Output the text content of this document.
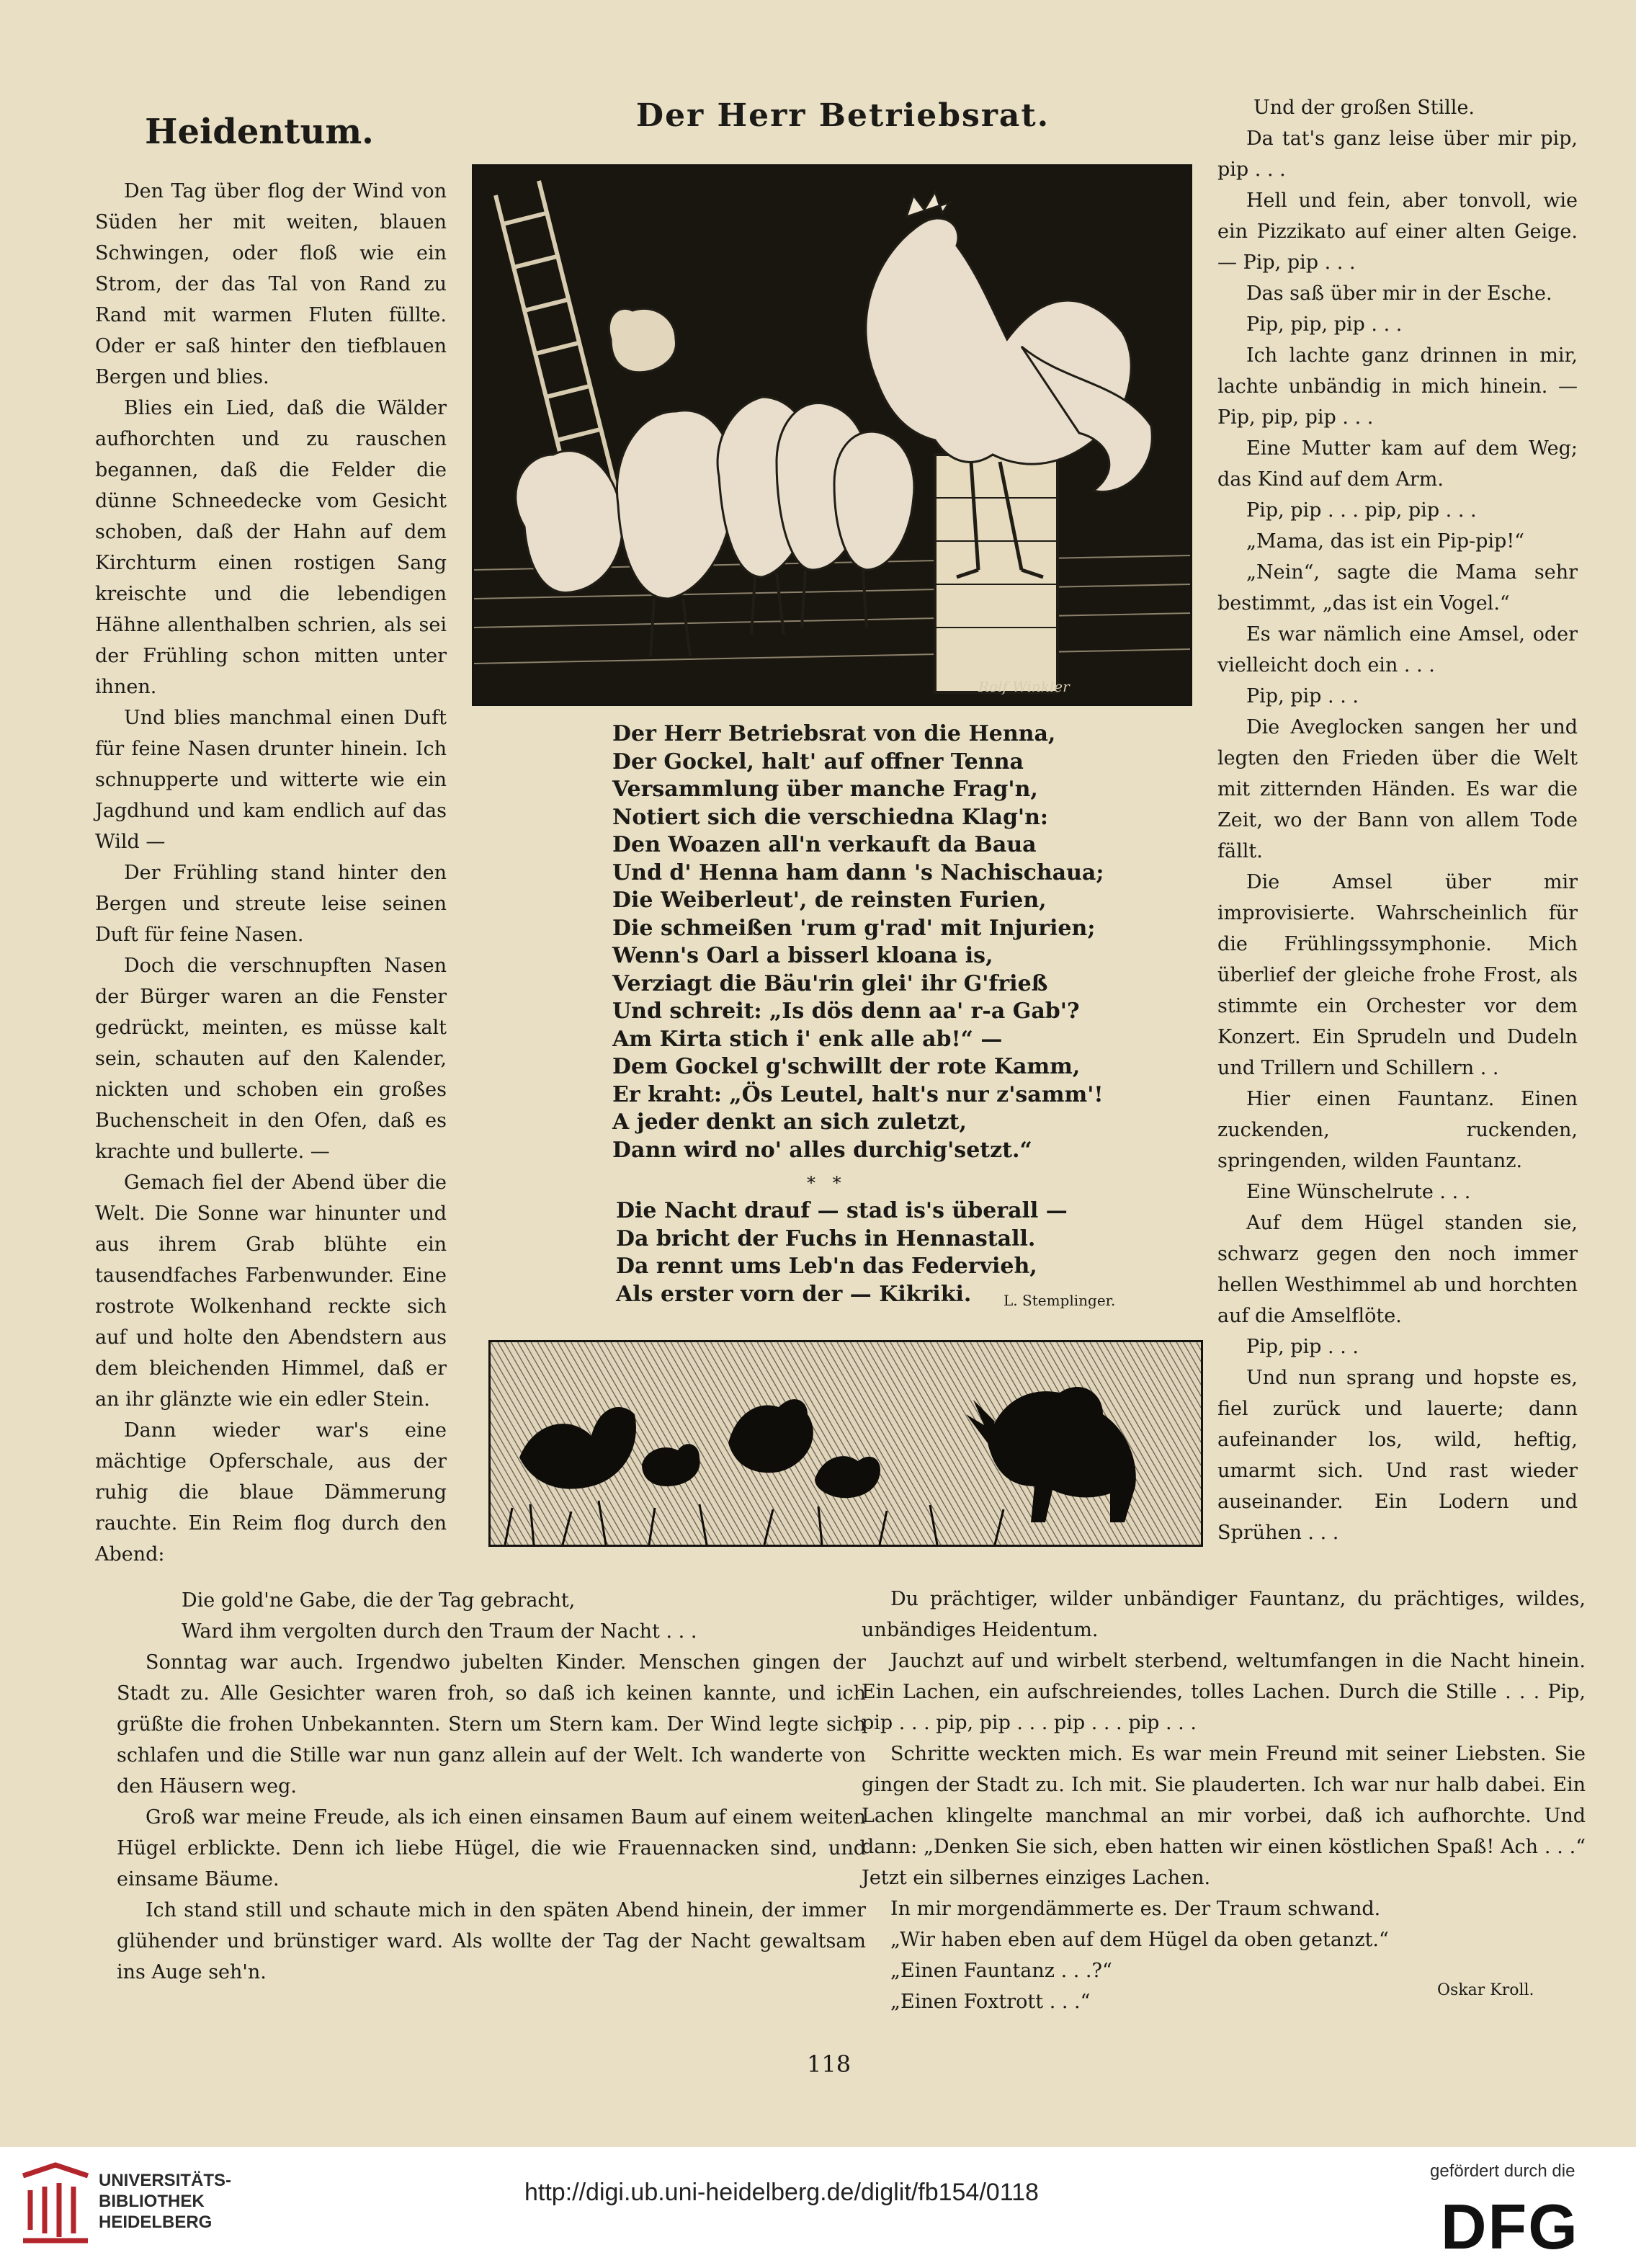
Heidentum.	Der Herr Betriebsrat.

Den Tag über flog der Wind von Süden her mit weiten, blauen Schwingen, oder floß wie ein Strom, der das Tal von Rand zu Rand mit warmen Fluten füllte. Oder er saß hinter den tiefblauen Bergen und blies.

Blies ein Lied, daß die Wälder aufhorchten und zu rauschen begannen, daß die Felder die dünne Schneedecke vom Gesicht schoben, daß der Hahn auf dem Kirchturm einen rostigen Sang kreischte und die lebendigen Hähne allenthalben schrien, als sei der Frühling schon mitten unter ihnen.

Und blies manchmal einen Duft für feine Nasen drunter hinein. Ich schnupperte und witterte wie ein Jagdhund und kam endlich auf das Wild —

Der Frühling stand hinter den Bergen und streute leise seinen Duft für feine Nasen.

Doch die verschnupften Nasen der Bürger waren an die Fenster gedrückt, meinten, es müsse kalt sein, schauten auf den Kalender, nickten und schoben ein großes Buchenscheit in den Ofen, daß es krachte und bullerte. —

Gemach fiel der Abend über die Welt. Die Sonne war hinunter und aus ihrem Grab blühte ein tausendfaches Farbenwunder. Eine rostrote Wolkenhand reckte sich auf und holte den Abendstern aus dem bleichenden Himmel, daß er an ihr glänzte wie ein edler Stein.

Dann wieder war's eine mächtige Opferschale, aus der ruhig die blaue Dämmerung rauchte. Ein Reim flog durch den Abend:

Rolf Winkler
Der Herr Betriebsrat von die Henna,
Der Gockel, halt' auf offner Tenna
Versammlung über manche Frag'n,
Notiert sich die verschiedna Klag'n:
Den Woazen all'n verkauft da Baua
Und d' Henna ham dann 's Nachischaua;
Die Weiberleut', de reinsten Furien,
Die schmeißen 'rum g'rad' mit Injurien;
Wenn's Oarl a bisserl kloana is,
Verziagt die Bäu'rin glei' ihr G'frieß
Und schreit: „Is dös denn aa' r-a Gab'?
Am Kirta stich i' enk alle ab!“ —
Dem Gockel g'schwillt der rote Kamm,
Er kraht: „Ös Leutel, halt's nur z'samm'!
A jeder denkt an sich zuletzt,
Dann wird no' alles durchig'setzt.“
* *
Die Nacht drauf — stad is's überall —
Da bricht der Fuchs in Hennastall.
Da rennt ums Leb'n das Federvieh,
Als erster vorn der — Kikriki.	L. Stemplinger.

Und der großen Stille.

Da tat's ganz leise über mir pip, pip . . .

Hell und fein, aber tonvoll, wie ein Pizzikato auf einer alten Geige. — Pip, pip . . .

Das saß über mir in der Esche.

Pip, pip, pip . . .

Ich lachte ganz drinnen in mir, lachte unbändig in mich hinein. — Pip, pip, pip . . .

Eine Mutter kam auf dem Weg; das Kind auf dem Arm.

Pip, pip . . . pip, pip . . .

„Mama, das ist ein Pip-pip!“

„Nein“, sagte die Mama sehr bestimmt, „das ist ein Vogel.“

Es war nämlich eine Amsel, oder vielleicht doch ein . . .

Pip, pip . . .

Die Aveglocken sangen her und legten den Frieden über die Welt mit zitternden Händen. Es war die Zeit, wo der Bann von allem Tode fällt.

Die Amsel über mir improvisierte. Wahrscheinlich für die Frühlingssymphonie. Mich überlief der gleiche frohe Frost, als stimmte ein Orchester vor dem Konzert. Ein Sprudeln und Dudeln und Trillern und Schillern . .

Hier einen Fauntanz. Einen zuckenden, ruckenden, springenden, wilden Fauntanz.

Eine Wünschelrute . . .

Auf dem Hügel standen sie, schwarz gegen den noch immer hellen Westhimmel ab und horchten auf die Amselflöte.

Pip, pip . . .

Und nun sprang und hopste es, fiel zurück und lauerte; dann aufeinander los, wild, heftig, umarmt sich. Und rast wieder auseinander. Ein Lodern und Sprühen . . .

Die gold'ne Gabe, die der Tag gebracht,

Ward ihm vergolten durch den Traum der Nacht . . .

Sonntag war auch. Irgendwo jubelten Kinder. Menschen gingen der Stadt zu. Alle Gesichter waren froh, so daß ich keinen kannte, und ich grüßte die frohen Unbekannten. Stern um Stern kam. Der Wind legte sich schlafen und die Stille war nun ganz allein auf der Welt. Ich wanderte von den Häusern weg.

Groß war meine Freude, als ich einen einsamen Baum auf einem weiten Hügel erblickte. Denn ich liebe Hügel, die wie Frauennacken sind, und einsame Bäume.

Ich stand still und schaute mich in den späten Abend hinein, der immer glühender und brünstiger ward. Als wollte der Tag der Nacht gewaltsam ins Auge seh'n.

Du prächtiger, wilder unbändiger Fauntanz, du prächtiges, wildes, unbändiges Heidentum.

Jauchzt auf und wirbelt sterbend, weltumfangen in die Nacht hinein. Ein Lachen, ein aufschreiendes, tolles Lachen. Durch die Stille . . . Pip, pip . . . pip, pip . . . pip . . . pip . . .

Schritte weckten mich. Es war mein Freund mit seiner Liebsten. Sie gingen der Stadt zu. Ich mit. Sie plauderten. Ich war nur halb dabei. Ein Lachen klingelte manchmal an mir vorbei, daß ich aufhorchte. Und dann: „Denken Sie sich, eben hatten wir einen köstlichen Spaß! Ach . . .“ Jetzt ein silbernes einziges Lachen.

In mir morgendämmerte es. Der Traum schwand.

„Wir haben eben auf dem Hügel da oben getanzt.“

„Einen Fauntanz . . .?“

„Einen Foxtrott . . .“

Oskar Kroll.
118
UNIVERSITÄTS-
BIBLIOTHEK
HEIDELBERG
http://digi.ub.uni-heidelberg.de/diglit/fb154/0118
gefördert durch die
DFG
